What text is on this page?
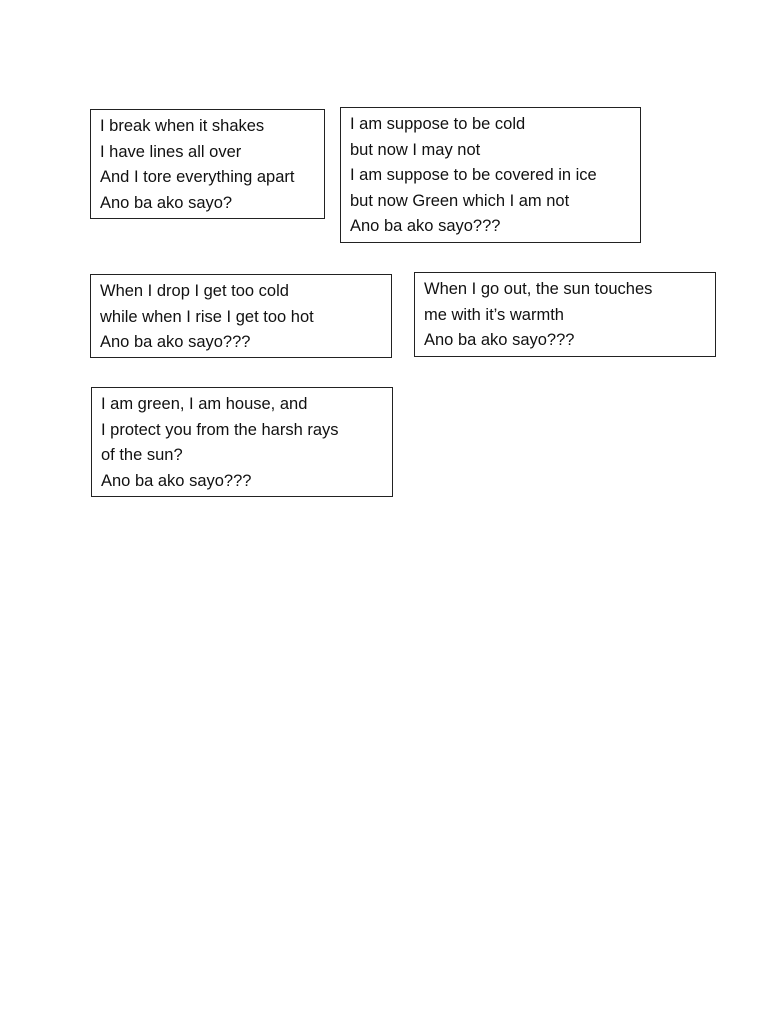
I break when it shakes
I have lines all over
And I tore everything apart
Ano ba ako sayo?
I am suppose to be cold
but now I may not
I am suppose to be covered in ice
but now Green which I am not
Ano ba ako sayo???
When I drop I get too cold
while when I rise I get too hot
Ano ba ako sayo???
When I go out, the sun touches
me with it’s warmth
Ano ba ako sayo???
I am green, I am house, and
I protect you from the harsh rays
of the sun?
Ano ba ako sayo???
